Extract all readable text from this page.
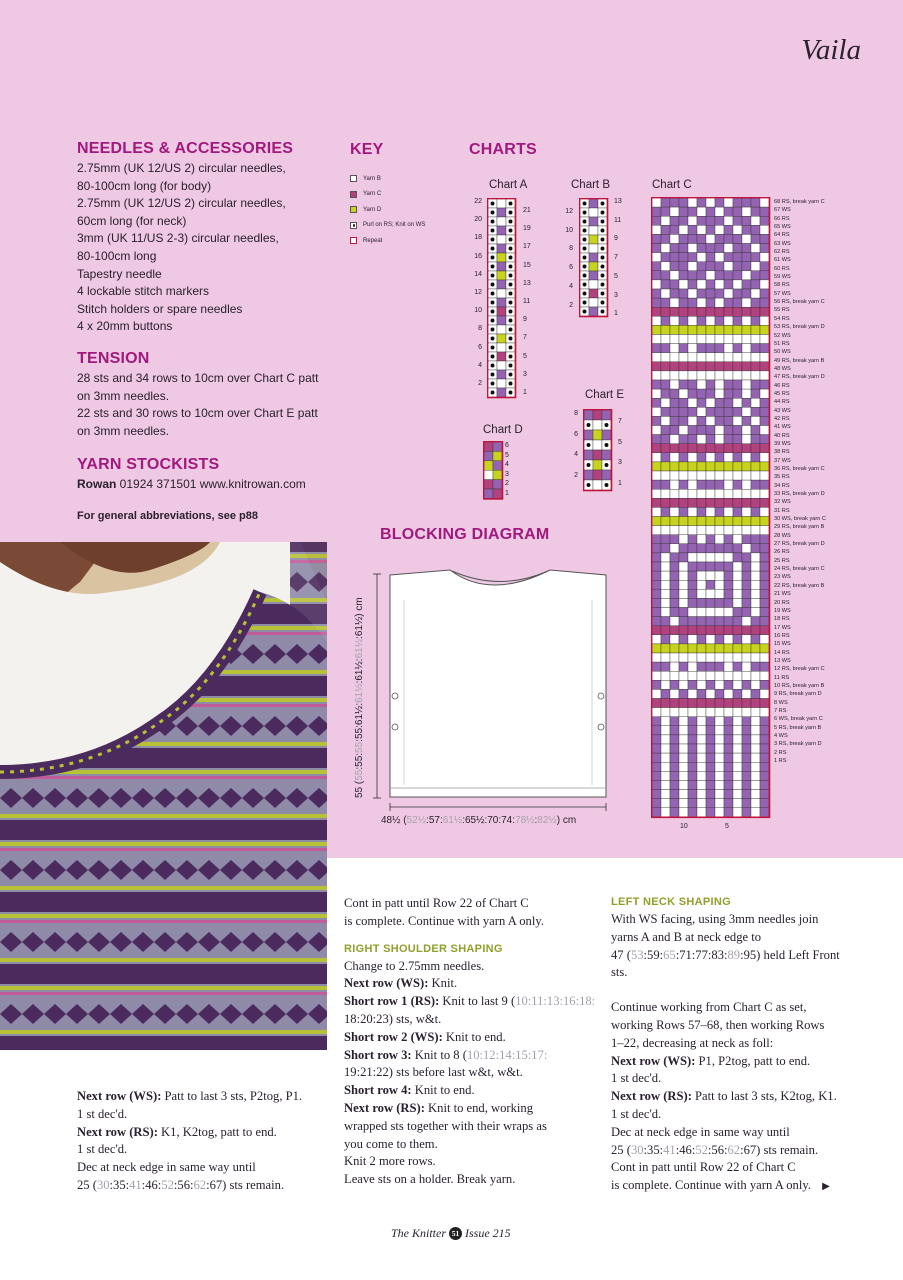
Vaila
NEEDLES & ACCESSORIES
2.75mm (UK 12/US 2) circular needles,
80-100cm long (for body)
2.75mm (UK 12/US 2) circular needles,
60cm long (for neck)
3mm (UK 11/US 2-3) circular needles,
80-100cm long
Tapestry needle
4 lockable stitch markers
Stitch holders or spare needles
4 x 20mm buttons
TENSION
28 sts and 34 rows to 10cm over Chart C patt
on 3mm needles.
22 sts and 30 rows to 10cm over Chart E patt
on 3mm needles.
YARN STOCKISTS
Rowan 01924 371501 www.knitrowan.com
For general abbreviations, see p88
KEY
Yarn B
Yarn C
Yarn D
Purl on RS; Knit on WS
Repeat
CHARTS
Chart A
22
20
18
16
14
12
10
8
6
4
2
21
19
17
15
13
11
9
7
5
3
1
Chart B
12
10
8
6
4
2
13
11
9
7
5
3
1
Chart D
6
5
4
3
2
1
Chart E
8
6
4
2
7
5
3
1
Chart C
68 RS, break yarn C
67 WS
66 RS
65 WS
64 RS
63 WS
62 RS
61 WS
60 RS
59 WS
58 RS
57 WS
56 RS, break yarn C
55 RS
54 RS
53 RS, break yarn D
52 WS
51 RS
50 WS
49 RS, break yarn B
48 WS
47 RS, break yarn D
46 RS
45 RS
44 RS
43 WS
42 RS
41 WS
40 RS
39 WS
38 RS
37 WS
36 RS, break yarn C
35 RS
34 RS
33 RS, break yarn D
32 WS
31 RS
30 WS, break yarn C
29 RS, break yarn B
28 WS
27 RS, break yarn D
26 RS
25 RS
24 RS, break yarn C
23 WS
22 RS, break yarn B
21 WS
20 RS
19 WS
18 RS
17 WS
16 RS
15 WS
14 RS
13 WS
12 RS, break yarn C
11 RS
10 RS, break yarn B
9 RS, break yarn D
8 WS
7 RS
6 WS, break yarn C
5 RS, break yarn B
4 WS
3 RS, break yarn D
2 RS
1 RS
10	5
BLOCKING DIAGRAM
55 (55:55:55:55:61½:61½:61½:61½:61½) cm
48½ (52½:57:61½:65½:70:74:78½:82½) cm
Cont in patt until Row 22 of Chart C
is complete. Continue with yarn A only.
RIGHT SHOULDER SHAPING
Change to 2.75mm needles.
Next row (WS): Knit.
Short row 1 (RS): Knit to last 9 (10:11:13:16:18:
18:20:23) sts, w&t.
Short row 2 (WS): Knit to end.
Short row 3: Knit to 8 (10:12:14:15:17:
19:21:22) sts before last w&t, w&t.
Short row 4: Knit to end.
Next row (RS): Knit to end, working
wrapped sts together with their wraps as
you come to them.
Knit 2 more rows.
Leave sts on a holder. Break yarn.
LEFT NECK SHAPING
With WS facing, using 3mm needles join
yarns A and B at neck edge to
47 (53:59:65:71:77:83:89:95) held Left Front
sts.
Continue working from Chart C as set,
working Rows 57–68, then working Rows
1–22, decreasing at neck as foll:
Next row (WS): P1, P2tog, patt to end.
1 st dec'd.
Next row (RS): Patt to last 3 sts, K2tog, K1.
1 st dec'd.
Dec at neck edge in same way until
25 (30:35:41:46:52:56:62:67) sts remain.
Cont in patt until Row 22 of Chart C
is complete. Continue with yarn A only. ▶
Next row (WS): Patt to last 3 sts, P2tog, P1.
1 st dec'd.
Next row (RS): K1, K2tog, patt to end.
1 st dec'd.
Dec at neck edge in same way until
25 (30:35:41:46:52:56:62:67) sts remain.
The Knitter 51 Issue 215
